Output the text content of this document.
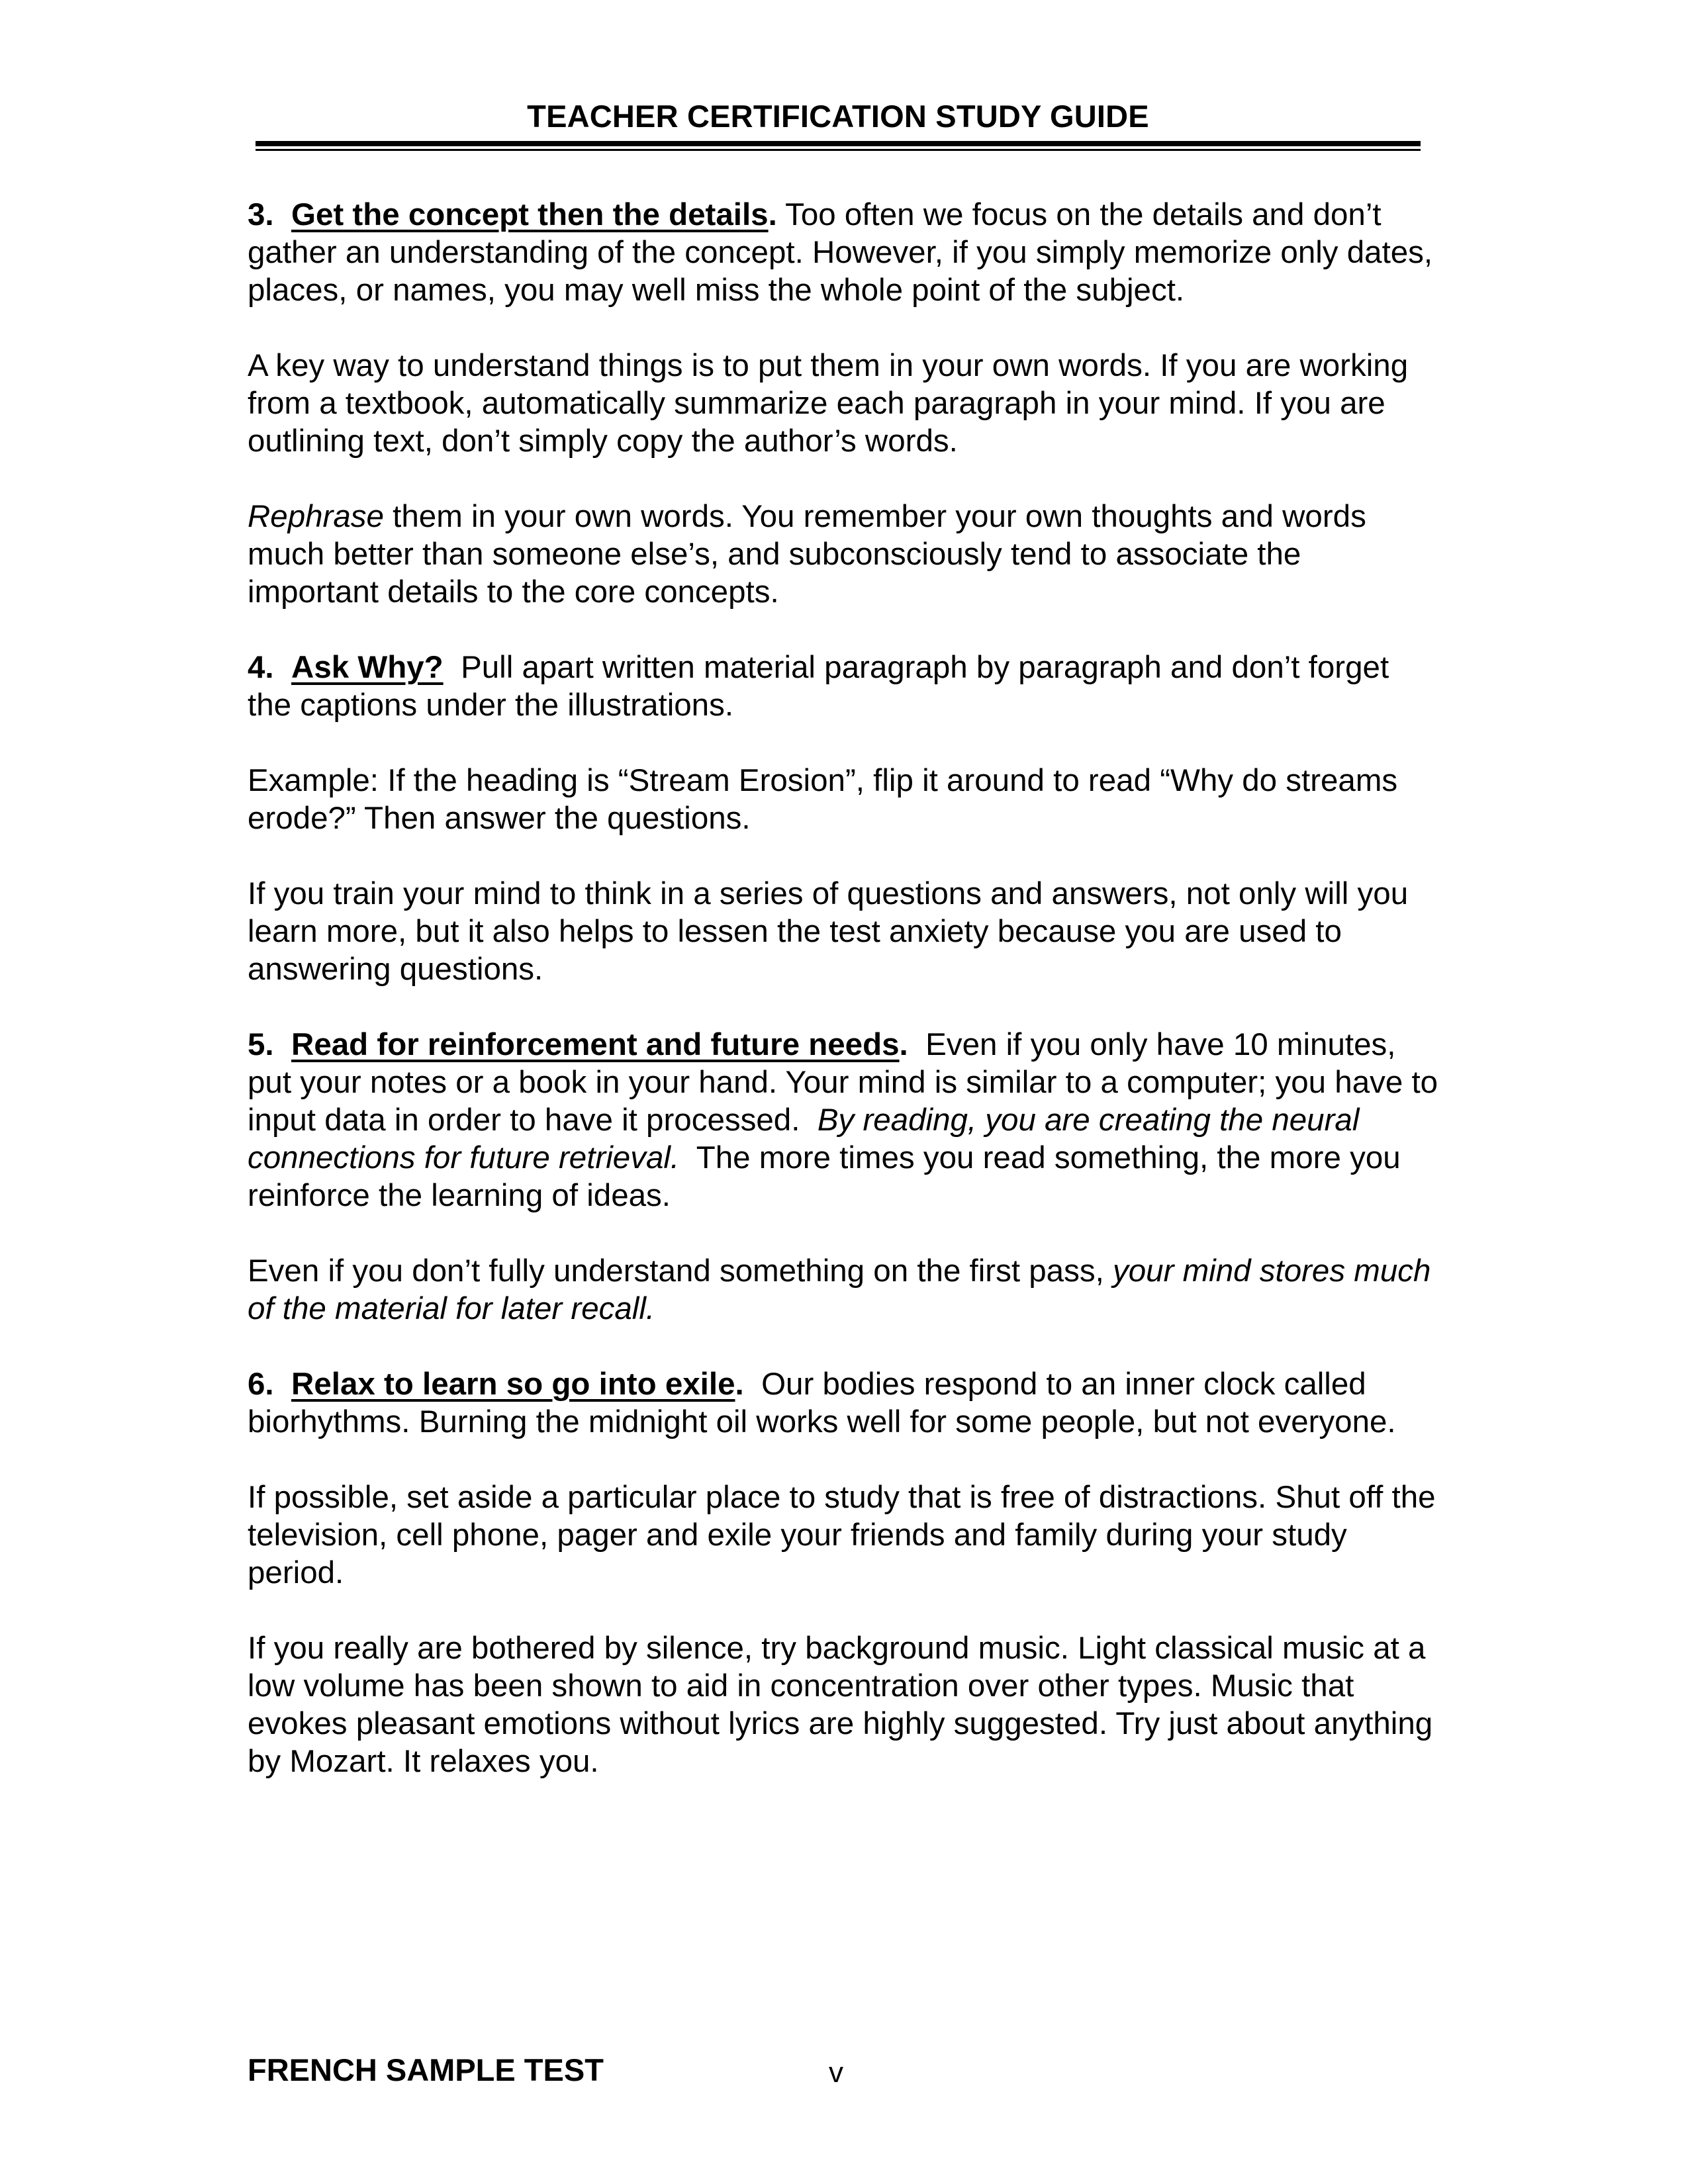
TEACHER CERTIFICATION STUDY GUIDE

3. Get the concept then the details. Too often we focus on the details and don’t gather an understanding of the concept. However, if you simply memorize only dates, places, or names, you may well miss the whole point of the subject.

A key way to understand things is to put them in your own words. If you are working from a textbook, automatically summarize each paragraph in your mind. If you are outlining text, don’t simply copy the author’s words.

Rephrase them in your own words. You remember your own thoughts and words much better than someone else’s, and subconsciously tend to associate the important details to the core concepts.

4. Ask Why? Pull apart written material paragraph by paragraph and don’t forget the captions under the illustrations.

Example: If the heading is “Stream Erosion”, flip it around to read “Why do streams erode?” Then answer the questions.

If you train your mind to think in a series of questions and answers, not only will you learn more, but it also helps to lessen the test anxiety because you are used to answering questions.

5. Read for reinforcement and future needs. Even if you only have 10 minutes, put your notes or a book in your hand. Your mind is similar to a computer; you have to input data in order to have it processed. By reading, you are creating the neural connections for future retrieval. The more times you read something, the more you reinforce the learning of ideas.

Even if you don’t fully understand something on the first pass, your mind stores much of the material for later recall.

6. Relax to learn so go into exile. Our bodies respond to an inner clock called biorhythms. Burning the midnight oil works well for some people, but not everyone.

If possible, set aside a particular place to study that is free of distractions. Shut off the television, cell phone, pager and exile your friends and family during your study period.

If you really are bothered by silence, try background music. Light classical music at a low volume has been shown to aid in concentration over other types. Music that evokes pleasant emotions without lyrics are highly suggested. Try just about anything by Mozart. It relaxes you.

FRENCH SAMPLE TEST	v
